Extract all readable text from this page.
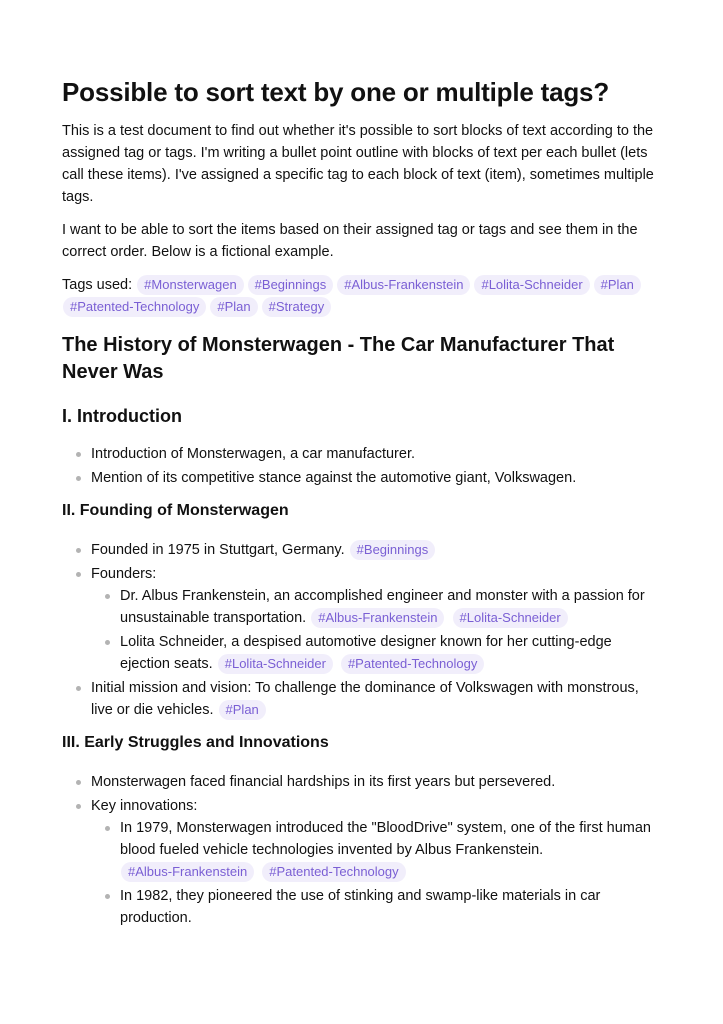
Possible to sort text by one or multiple tags?

This is a test document to find out whether it's possible to sort blocks of text according to the assigned tag or tags. I'm writing a bullet point outline with blocks of text per each bullet (lets call these items). I've assigned a specific tag to each block of text (item), sometimes multiple tags.

I want to be able to sort the items based on their assigned tag or tags and see them in the correct order. Below is a fictional example.

Tags used: #Monsterwagen #Beginnings #Albus-Frankenstein #Lolita-Schneider #Plan #Patented-Technology #Plan #Strategy
The History of Monsterwagen - The Car Manufacturer That Never Was
I. Introduction
Introduction of Monsterwagen, a car manufacturer.
Mention of its competitive stance against the automotive giant, Volkswagen.
II. Founding of Monsterwagen
Founded in 1975 in Stuttgart, Germany. #Beginnings
Founders:
Dr. Albus Frankenstein, an accomplished engineer and monster with a passion for unsustainable transportation. #Albus-Frankenstein #Lolita-Schneider
Lolita Schneider, a despised automotive designer known for her cutting-edge ejection seats. #Lolita-Schneider #Patented-Technology
Initial mission and vision: To challenge the dominance of Volkswagen with monstrous, live or die vehicles. #Plan
III. Early Struggles and Innovations
Monsterwagen faced financial hardships in its first years but persevered.
Key innovations:
In 1979, Monsterwagen introduced the "BloodDrive" system, one of the first human blood fueled vehicle technologies invented by Albus Frankenstein. #Albus-Frankenstein #Patented-Technology
In 1982, they pioneered the use of stinking and swamp-like materials in car production.
